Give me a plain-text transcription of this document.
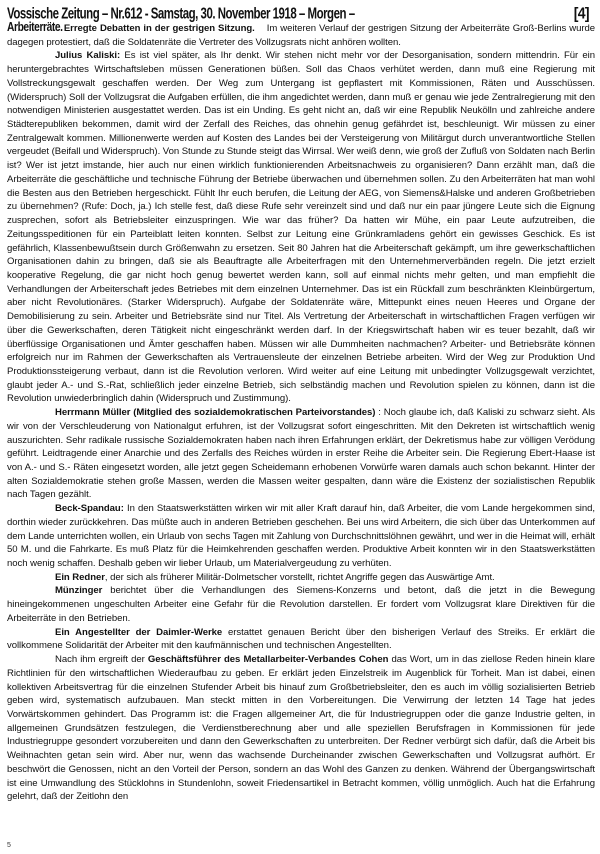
Vossische Zeitung – Nr.612 - Samstag, 30. November 1918 – Morgen –	[4]

Arbeiterräte. Erregte Debatten in der gestrigen Sitzung. Im weiteren Verlauf der gestrigen Sitzung der Arbeiterräte Groß-Berlins wurde dagegen protestiert, daß die Soldatenräte die Vertreter des Vollzugsrats nicht anhören wollten.

Julius Kaliski: Es ist viel später, als Ihr denkt. Wir stehen nicht mehr vor der Desorganisation, sondern mittendrin. Für ein heruntergebrachtes Wirtschaftsleben müssen Generationen büßen. Soll das Chaos verhütet werden, dann muß eine Regierung mit Vollstreckungsgewalt geschaffen werden. Der Weg zum Untergang ist gepflastert mit Kommissionen, Räten und Ausschüssen. (Widerspruch) Soll der Vollzugsrat die Aufgaben erfüllen, die ihm angedichtet werden, dann muß er genau wie jede Zentralregierung mit den notwendigen Ministerien ausgestattet werden. Das ist ein Unding. Es geht nicht an, daß wir eine Republik Neukölln und zahlreiche andere Städterepubliken bekommen, damit wird der Zerfall des Reiches, das ohnehin genug gefährdet ist, beschleunigt. Wir müssen zu einer Zentralgewalt kommen. Millionenwerte werden auf Kosten des Landes bei der Versteigerung von Militärgut durch unverantwortliche Stellen vergeudet (Beifall und Widerspruch). Von Stunde zu Stunde steigt das Wirrsal. Wer weiß denn, wie groß der Zufluß von Soldaten nach Berlin ist? Wer ist jetzt imstande, hier auch nur einen wirklich funktionierenden Arbeitsnachweis zu organisieren? Dann erzählt man, daß die Arbeiterräte die geschäftliche und technische Führung der Betriebe überwachen und übernehmen sollen. Zu den Arbeiterräten hat man wohl die Besten aus den Betrieben hergeschickt. Fühlt Ihr euch berufen, die Leitung der AEG, von Siemens&Halske und anderen Großbetrieben zu übernehmen? (Rufe: Doch, ja.) Ich stelle fest, daß diese Rufe sehr vereinzelt sind und daß nur ein paar jüngere Leute sich die Eignung zusprechen, sofort als Betriebsleiter einzuspringen. Wie war das früher? Da hatten wir Mühe, ein paar Leute aufzutreiben, die Zeitungsspeditionen für ein Parteiblatt leiten konnten. Selbst zur Leitung eine Grünkramladens gehört ein gewisses Geschick. Es ist gefährlich, Klassenbewußtsein durch Größenwahn zu ersetzen. Seit 80 Jahren hat die Arbeiterschaft gekämpft, um ihre gewerkschaftlichen Organisationen dahin zu bringen, daß sie als Beauftragte alle Arbeiterfragen mit den Unternehmerverbänden regeln. Die jetzt erzielt kooperative Regelung, die gar nicht hoch genug bewertet werden kann, soll auf einmal nichts mehr gelten, und man empfiehlt die Verhandlungen der Arbeiterschaft jedes Betriebes mit dem einzelnen Unternehmer. Das ist ein Rückfall zum beschränkten Kleinbürgertum, aber nicht Revolutionäres. (Starker Widerspruch). Aufgabe der Soldatenräte wäre, Mittepunkt eines neuen Heeres und Organe der Demobilisierung zu sein. Arbeiter und Betriebsräte sind nur Titel. Als Vertretung der Arbeiterschaft in wirtschaftlichen Fragen verfügen wir über die Gewerkschaften, deren Tätigkeit nicht eingeschränkt werden darf. In der Kriegswirtschaft haben wir es teuer bezahlt, daß wir überflüssige Organisationen und Ämter geschaffen haben. Müssen wir alle Dummheiten nachmachen? Arbeiter- und Betriebsräte können erfolgreich nur im Rahmen der Gewerkschaften als Vertrauensleute der einzelnen Betriebe arbeiten. Wird der Weg zur Produktion Und Produktionssteigerung verbaut, dann ist die Revolution verloren. Wird weiter auf eine Leitung mit unbedingter Vollzugsgewalt verzichtet, glaubt jeder A.- und S.-Rat, schließlich jeder einzelne Betrieb, sich selbständig machen und Revolution spielen zu können, dann ist die Revolution unwiederbringlich dahin (Widerspruch und Zustimmung).

Herrmann Müller (Mitglied des sozialdemokratischen Parteivorstandes) : Noch glaube ich, daß Kaliski zu schwarz sieht. Als wir von der Verschleuderung von Nationalgut erfuhren, ist der Vollzugsrat sofort eingeschritten. Mit den Dekreten ist wirtschaftlich wenig auszurichten. Sehr radikale russische Sozialdemokraten haben nach ihren Erfahrungen erklärt, der Dekretismus habe zur völligen Verödung geführt. Leidtragende einer Anarchie und des Zerfalls des Reiches würden in erster Reihe die Arbeiter sein. Die Regierung Ebert-Haase ist von A.- und S.- Räten eingesetzt worden, alle jetzt gegen Scheidemann erhobenen Vorwürfe waren damals auch schon bekannt. Hinter der alten Sozialdemokratie stehen große Massen, werden die Massen weiter gespalten, dann wäre die Existenz der sozialistischen Republik nach Tagen gezählt.

Beck-Spandau: In den Staatswerkstätten wirken wir mit aller Kraft darauf hin, daß Arbeiter, die vom Lande hergekommen sind, dorthin wieder zurückkehren. Das müßte auch in anderen Betrieben geschehen. Bei uns wird Arbeitern, die sich über das Unterkommen auf dem Lande unterrichten wollen, ein Urlaub von sechs Tagen mit Zahlung von Durchschnittslöhnen gewährt, und wer in die Heimat will, erhält 50 M. und die Fahrkarte. Es muß Platz für die Heimkehrenden geschaffen werden. Produktive Arbeit konnten wir in den Staatswerkstätten noch wenig schaffen. Deshalb geben wir lieber Urlaub, um Materialvergeudung zu verhüten.

Ein Redner, der sich als früherer Militär-Dolmetscher vorstellt, richtet Angriffe gegen das Auswärtige Amt.

Münzinger berichtet über die Verhandlungen des Siemens-Konzerns und betont, daß die jetzt in die Bewegung hineingekommenen ungeschulten Arbeiter eine Gefahr für die Revolution darstellen. Er fordert vom Vollzugsrat klare Direktiven für die Arbeiterräte in den Betrieben.

Ein Angestellter der Daimler-Werke erstattet genauen Bericht über den bisherigen Verlauf des Streiks. Er erklärt die vollkommene Solidarität der Arbeiter mit den kaufmännischen und technischen Angestellten.

Nach ihm ergreift der Geschäftsführer des Metallarbeiter-Verbandes Cohen das Wort, um in das ziellose Reden hinein klare Richtlinien für den wirtschaftlichen Wiederaufbau zu geben. Er erklärt jeden Einzelstreik im Augenblick für Torheit. Man ist dabei, einen kollektiven Arbeitsvertrag für die einzelnen Stufender Arbeit bis hinauf zum Großbetriebsleiter, den es auch im völlig sozialisierten Betrieb geben wird, systematisch aufzubauen. Man steckt mitten in den Vorbereitungen. Die Verwirrung der letzten 14 Tage hat jedes Vorwärtskommen gehindert. Das Programm ist: die Fragen allgemeiner Art, die für Industriegruppen oder die ganze Industrie gelten, in allgemeinen Grundsätzen festzulegen, die Verdienstberechnung aber und alle speziellen Berufsfragen in Kommissionen für jede Industriegruppe gesondert vorzubereiten und dann den Gewerkschaften zu unterbreiten. Der Redner verbürgt sich dafür, daß die Arbeit bis Weihnachten getan sein wird. Aber nur, wenn das wachsende Durcheinander zwischen Gewerkschaften und Vollzugsrat aufhört. Er beschwört die Genossen, nicht an den Vorteil der Person, sondern an das Wohl des Ganzen zu denken. Während der Übergangswirtschaft ist eine Umwandlung des Stücklohns in Stundenlohn, soweit Friedensartikel in Betracht kommen, völlig unmöglich. Auch hat die Erfahrung gelehrt, daß der Zeitlohn den

5
